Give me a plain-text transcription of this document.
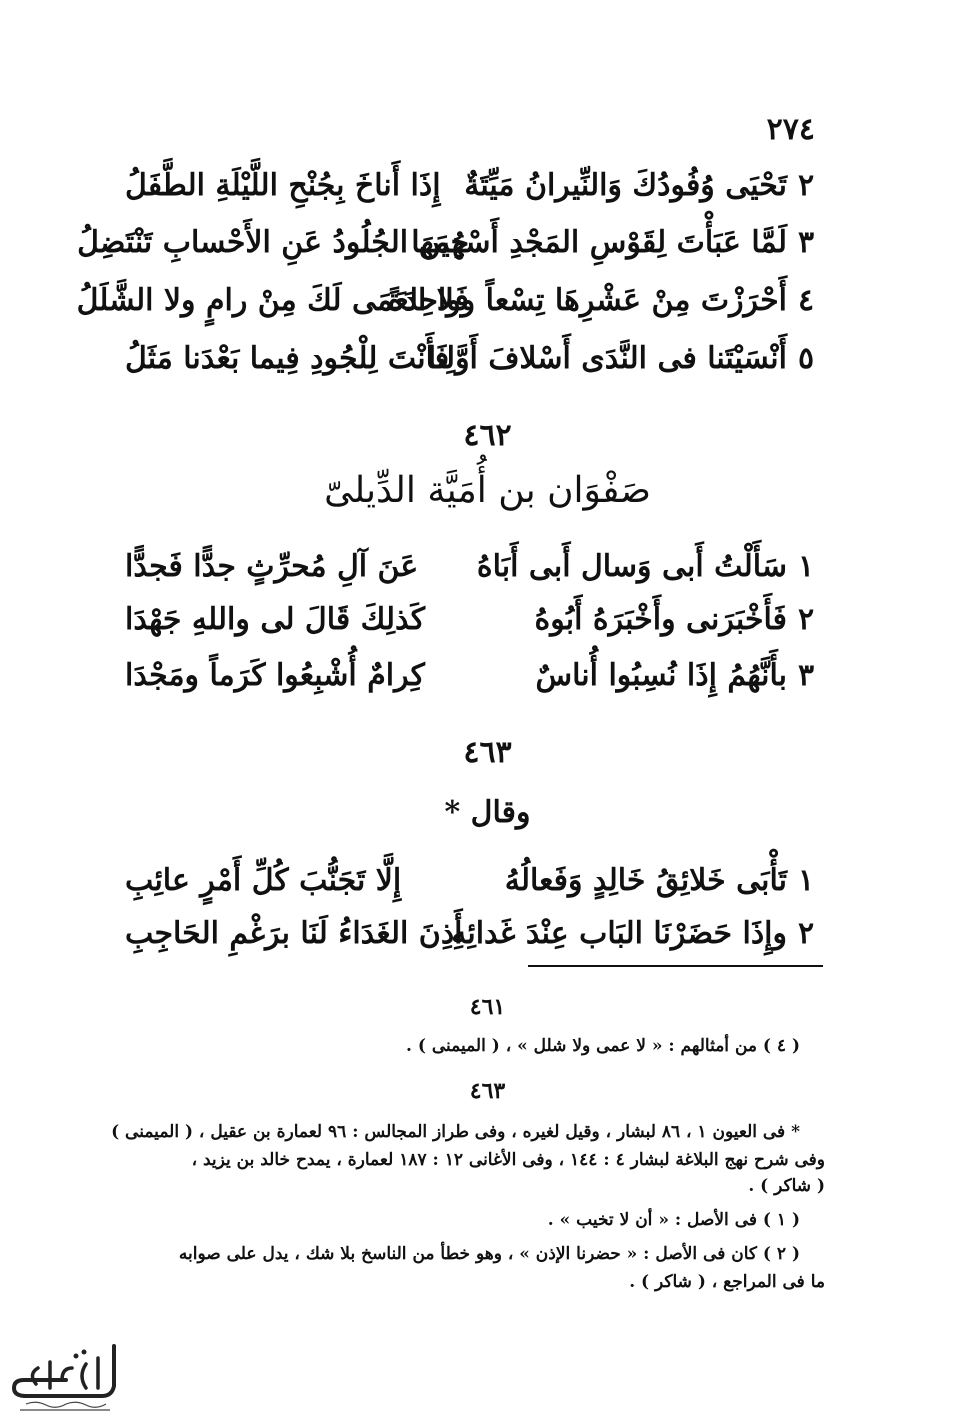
٢٧٤
٢
تَحْيَى وُفُودُكَ وَالنِّيرانُ مَيِّتَةٌ
إِذَا أَناخَ بِجُنْحِ اللَّيْلَةِ الطَّفَلُ
٣
لَمَّا عَبَأْتَ لِقَوْسِ المَجْدِ أَسْهُمَها
حِينَ الجُلُودُ عَنِ الأَحْسابِ تَنْتَضِلُ
٤
أَحْرَزْتَ مِنْ عَشْرِهَا تِسْعاً وواحِدَةً
فَلا العَمَى لَكَ مِنْ رامٍ ولا الشَّلَلُ
٥
أَنْسَيْتَنا فى النَّدَى أَسْلافَ أَوَّلِنا
فَأَنْتَ لِلْجُودِ فِيما بَعْدَنا مَثَلُ
٤٦٢
صَفْوَان بن أُمَيَّة الدِّيلىّ
١
سَأَلْتُ أَبى وَسال أَبى أَبَاهُ
عَنَ آلِ مُحرِّثٍ جدًّا فَجدًّا
٢
فَأَخْبَرَنى وأَخْبَرَهُ أَبُوهُ
كَذلِكَ قَالَ لى واللهِ جَهْدَا
٣
بأَنَّهُمُ إِذَا نُسِبُوا أُناسٌ
كِرامٌ أُشْبِعُوا كَرَماً ومَجْدَا
٤٦٣
وقال *
١
تَأْبَى خَلائِقُ خَالِدٍ وَفَعالُهُ
إِلَّا تَجَنُّبَ كُلِّ أَمْرٍ عائِبِ
٢
وإِذَا حَضَرْنَا البَاب عِنْدَ غَدائِهِ
أَذِنَ الغَدَاءُ لَنَا برَغْمِ الحَاجِبِ
٤٦١
( ٤ ) من أمثالهم : « لا عمى ولا شلل » ، ( الميمنى ) .
٤٦٣
* فى العيون ١ ، ٨٦ لبشار ، وقيل لغيره ، وفى طراز المجالس : ٩٦ لعمارة بن عقيل ، ( الميمنى )
وفى شرح نهج البلاغة لبشار ٤ : ١٤٤ ، وفى الأغانى ١٢ : ١٨٧ لعمارة ، يمدح خالد بن يزيد ،
( شاكر ) .
( ١ ) فى الأصل : « أن لا تخيب » .
( ٢ ) كان فى الأصل : « حضرنا الإذن » ، وهو خطأ من الناسخ بلا شك ، يدل على صوابه
ما فى المراجع ، ( شاكر ) .
